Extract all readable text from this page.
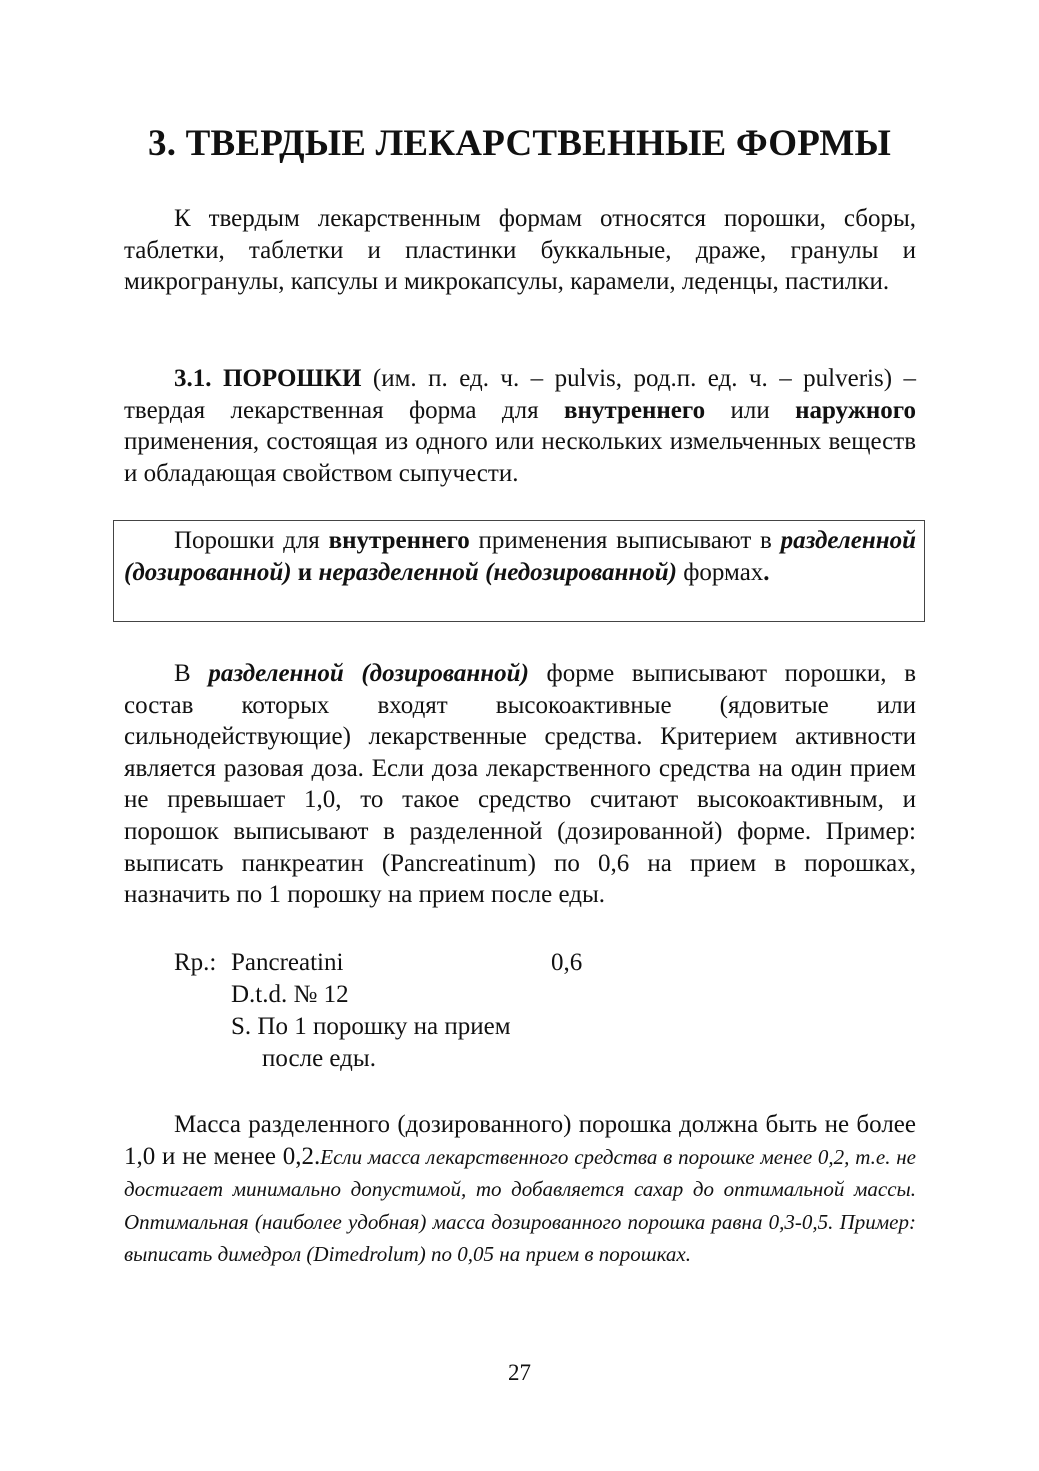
3. ТВЕРДЫЕ ЛЕКАРСТВЕННЫЕ ФОРМЫ

К твердым лекарственным формам относятся порошки, сборы, таблетки, таблетки и пластинки буккальные, драже, гранулы и микрогранулы, капсулы и микрокапсулы, карамели, леденцы, пастилки.

3.1. ПОРОШКИ (им. п. ед. ч. – pulvis, род.п. ед. ч. – pulveris) – твердая лекарственная форма для внутреннего или наружного применения, состоящая из одного или нескольких измельченных веществ и обладающая свойством сыпучести.

Порошки для внутреннего применения выписывают в разделенной (дозированной) и неразделенной (недозированной) формах.

В разделенной (дозированной) форме выписывают порошки, в состав которых входят высокоактивные (ядовитые или сильнодействующие) лекарственные средства. Критерием активности является разовая доза. Если доза лекарственного средства на один прием не превышает 1,0, то такое средство считают высокоактивным, и порошок выписывают в разделенной (дозированной) форме. Пример: выписать панкреатин (Pancreatinum) по 0,6 на прием в порошках, назначить по 1 порошку на прием после еды.

Rp.: Pancreatini	0,6
D.t.d. № 12
S. По 1 порошку на прием
после еды.

Масса разделенного (дозированного) порошка должна быть не более 1,0 и не менее 0,2.Если масса лекарственного средства в порошке менее 0,2, т.е. не достигает минимально допустимой, то добавляется сахар до оптимальной массы. Оптимальная (наиболее удобная) масса дозированного порошка равна 0,3-0,5. Пример: выписать димедрол (Dimedrolum) по 0,05 на прием в порошках.

27
